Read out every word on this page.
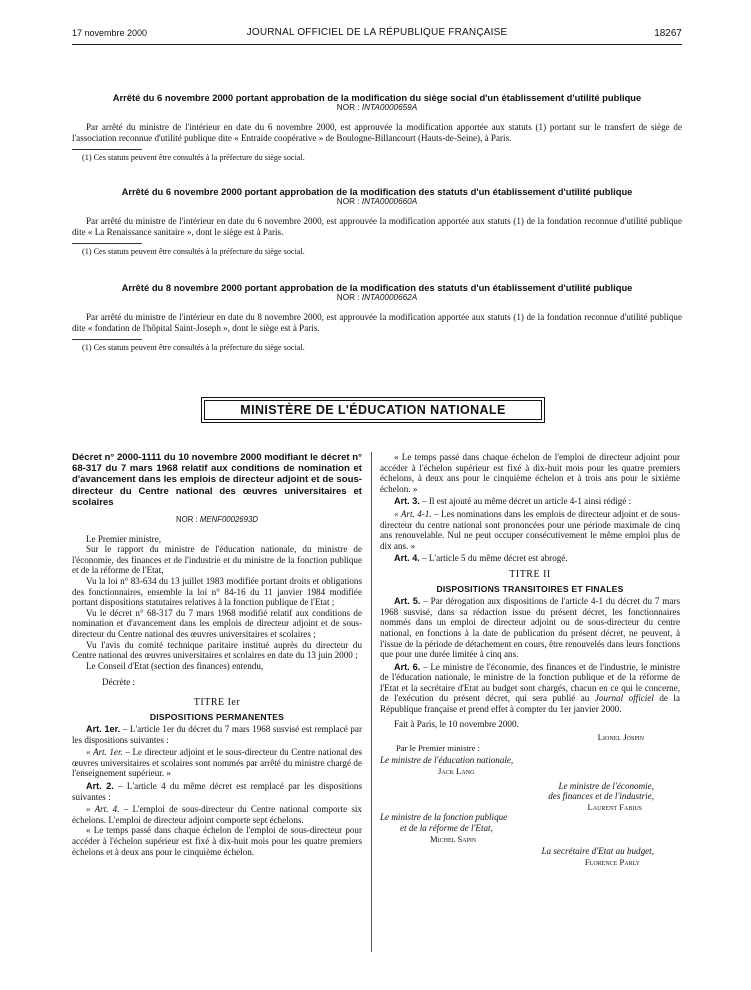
17 novembre 2000	JOURNAL OFFICIEL DE LA RÉPUBLIQUE FRANÇAISE	18267
Arrêté du 6 novembre 2000 portant approbation de la modification du siège social d'un établissement d'utilité publique
NOR : INTA0000659A
Par arrêté du ministre de l'intérieur en date du 6 novembre 2000, est approuvée la modification apportée aux statuts (1) portant sur le transfert de siège de l'association reconnue d'utilité publique dite « Entraide coopérative » de Boulogne-Billancourt (Hauts-de-Seine), à Paris.
(1) Ces statuts peuvent être consultés à la préfecture du siège social.
Arrêté du 6 novembre 2000 portant approbation de la modification des statuts d'un établissement d'utilité publique
NOR : INTA0000660A
Par arrêté du ministre de l'intérieur en date du 6 novembre 2000, est approuvée la modification apportée aux statuts (1) de la fondation reconnue d'utilité publique dite « La Renaissance sanitaire », dont le siège est à Paris.
(1) Ces statuts peuvent être consultés à la préfecture du siège social.
Arrêté du 8 novembre 2000 portant approbation de la modification des statuts d'un établissement d'utilité publique
NOR : INTA0000662A
Par arrêté du ministre de l'intérieur en date du 8 novembre 2000, est approuvée la modification apportée aux statuts (1) de la fondation reconnue d'utilité publique dite « fondation de l'hôpital Saint-Joseph », dont le siège est à Paris.
(1) Ces statuts peuvent être consultés à la préfecture du siège social.
MINISTÈRE DE L'ÉDUCATION NATIONALE
Décret n° 2000-1111 du 10 novembre 2000 modifiant le décret n° 68-317 du 7 mars 1968 relatif aux conditions de nomination et d'avancement dans les emplois de directeur adjoint et de sous-directeur du Centre national des œuvres universitaires et scolaires
NOR : MENF0002693D

Le Premier ministre,

Sur le rapport du ministre de l'éducation nationale, du ministre de l'économie, des finances et de l'industrie et du ministre de la fonction publique et de la réforme de l'Etat,

Vu la loi n° 83-634 du 13 juillet 1983 modifiée portant droits et obligations des fonctionnaires, ensemble la loi n° 84-16 du 11 janvier 1984 modifiée portant dispositions statutaires relatives à la fonction publique de l'Etat ;

Vu le décret n° 68-317 du 7 mars 1968 modifié relatif aux conditions de nomination et d'avancement dans les emplois de directeur adjoint et de sous-directeur du Centre national des œuvres universitaires et scolaires ;

Vu l'avis du comité technique paritaire institué auprès du directeur du Centre national des œuvres universitaires et scolaires en date du 13 juin 2000 ;

Le Conseil d'Etat (section des finances) entendu,

Décrète :

TITRE Ier
DISPOSITIONS PERMANENTES

Art. 1er. – L'article 1er du décret du 7 mars 1968 susvisé est remplacé par les dispositions suivantes :

« Art. 1er. – Le directeur adjoint et le sous-directeur du Centre national des œuvres universitaires et scolaires sont nommés par arrêté du ministre chargé de l'enseignement supérieur. »

Art. 2. – L'article 4 du même décret est remplacé par les dispositions suivantes :

« Art. 4. – L'emploi de sous-directeur du Centre national comporte six échelons. L'emploi de directeur adjoint comporte sept échelons.

« Le temps passé dans chaque échelon de l'emploi de sous-directeur pour accéder à l'échelon supérieur est fixé à dix-huit mois pour les quatre premiers échelons et à deux ans pour le cinquième échelon.

« Le temps passé dans chaque échelon de l'emploi de directeur adjoint pour accéder à l'échelon supérieur est fixé à dix-huit mois pour les quatre premiers échelons, à deux ans pour le cinquième échelon et à trois ans pour le sixième échelon. »

Art. 3. – Il est ajouté au même décret un article 4-1 ainsi rédigé :

« Art. 4-1. – Les nominations dans les emplois de directeur adjoint et de sous-directeur du centre national sont prononcées pour une période maximale de cinq ans renouvelable. Nul ne peut occuper consécutivement le même emploi plus de dix ans. »

Art. 4. – L'article 5 du même décret est abrogé.

TITRE II
DISPOSITIONS TRANSITOIRES ET FINALES

Art. 5. – Par dérogation aux dispositions de l'article 4-1 du décret du 7 mars 1968 susvisé, dans sa rédaction issue du présent décret, les fonctionnaires nommés dans un emploi de directeur adjoint ou de sous-directeur du centre national, en fonctions à la date de publication du présent décret, ne peuvent, à l'issue de la période de détachement en cours, être renouvelés dans leurs fonctions que pour une durée limitée à cinq ans.

Art. 6. – Le ministre de l'économie, des finances et de l'industrie, le ministre de l'éducation nationale, le ministre de la fonction publique et de la réforme de l'Etat et la secrétaire d'Etat au budget sont chargés, chacun en ce qui le concerne, de l'exécution du présent décret, qui sera publié au Journal officiel de la République française et prend effet à compter du 1er janvier 2000.

Fait à Paris, le 10 novembre 2000.

Lionel Jospin

Par le Premier ministre :

Le ministre de l'éducation nationale,
Jack Lang
Le ministre de l'économie,
des finances et de l'industrie,
Laurent Fabius
Le ministre de la fonction publique
et de la réforme de l'Etat,
Michel Sapin
La secrétaire d'Etat au budget,
Florence Parly
